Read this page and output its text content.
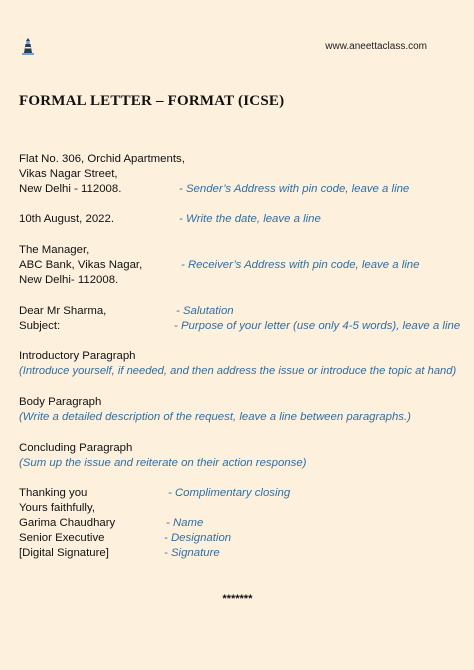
www.aneettaclass.com
FORMAL LETTER – FORMAT (ICSE)
Flat No. 306, Orchid Apartments,
Vikas Nagar Street,
New Delhi - 112008.	- Sender’s Address with pin code, leave a line
10th August, 2022.	- Write the date, leave a line
The Manager,
ABC Bank, Vikas Nagar,	- Receiver’s Address with pin code, leave a line
New Delhi- 112008.
Dear Mr Sharma,	- Salutation
Subject:	- Purpose of your letter (use only 4-5 words), leave a line
Introductory Paragraph
(Introduce yourself, if needed, and then address the issue or introduce the topic at hand)
Body Paragraph
(Write a detailed description of the request, leave a line between paragraphs.)
Concluding Paragraph
(Sum up the issue and reiterate on their action response)
Thanking you	- Complimentary closing
Yours faithfully,
Garima Chaudhary	- Name
Senior Executive	- Designation
[Digital Signature]	- Signature
*******
